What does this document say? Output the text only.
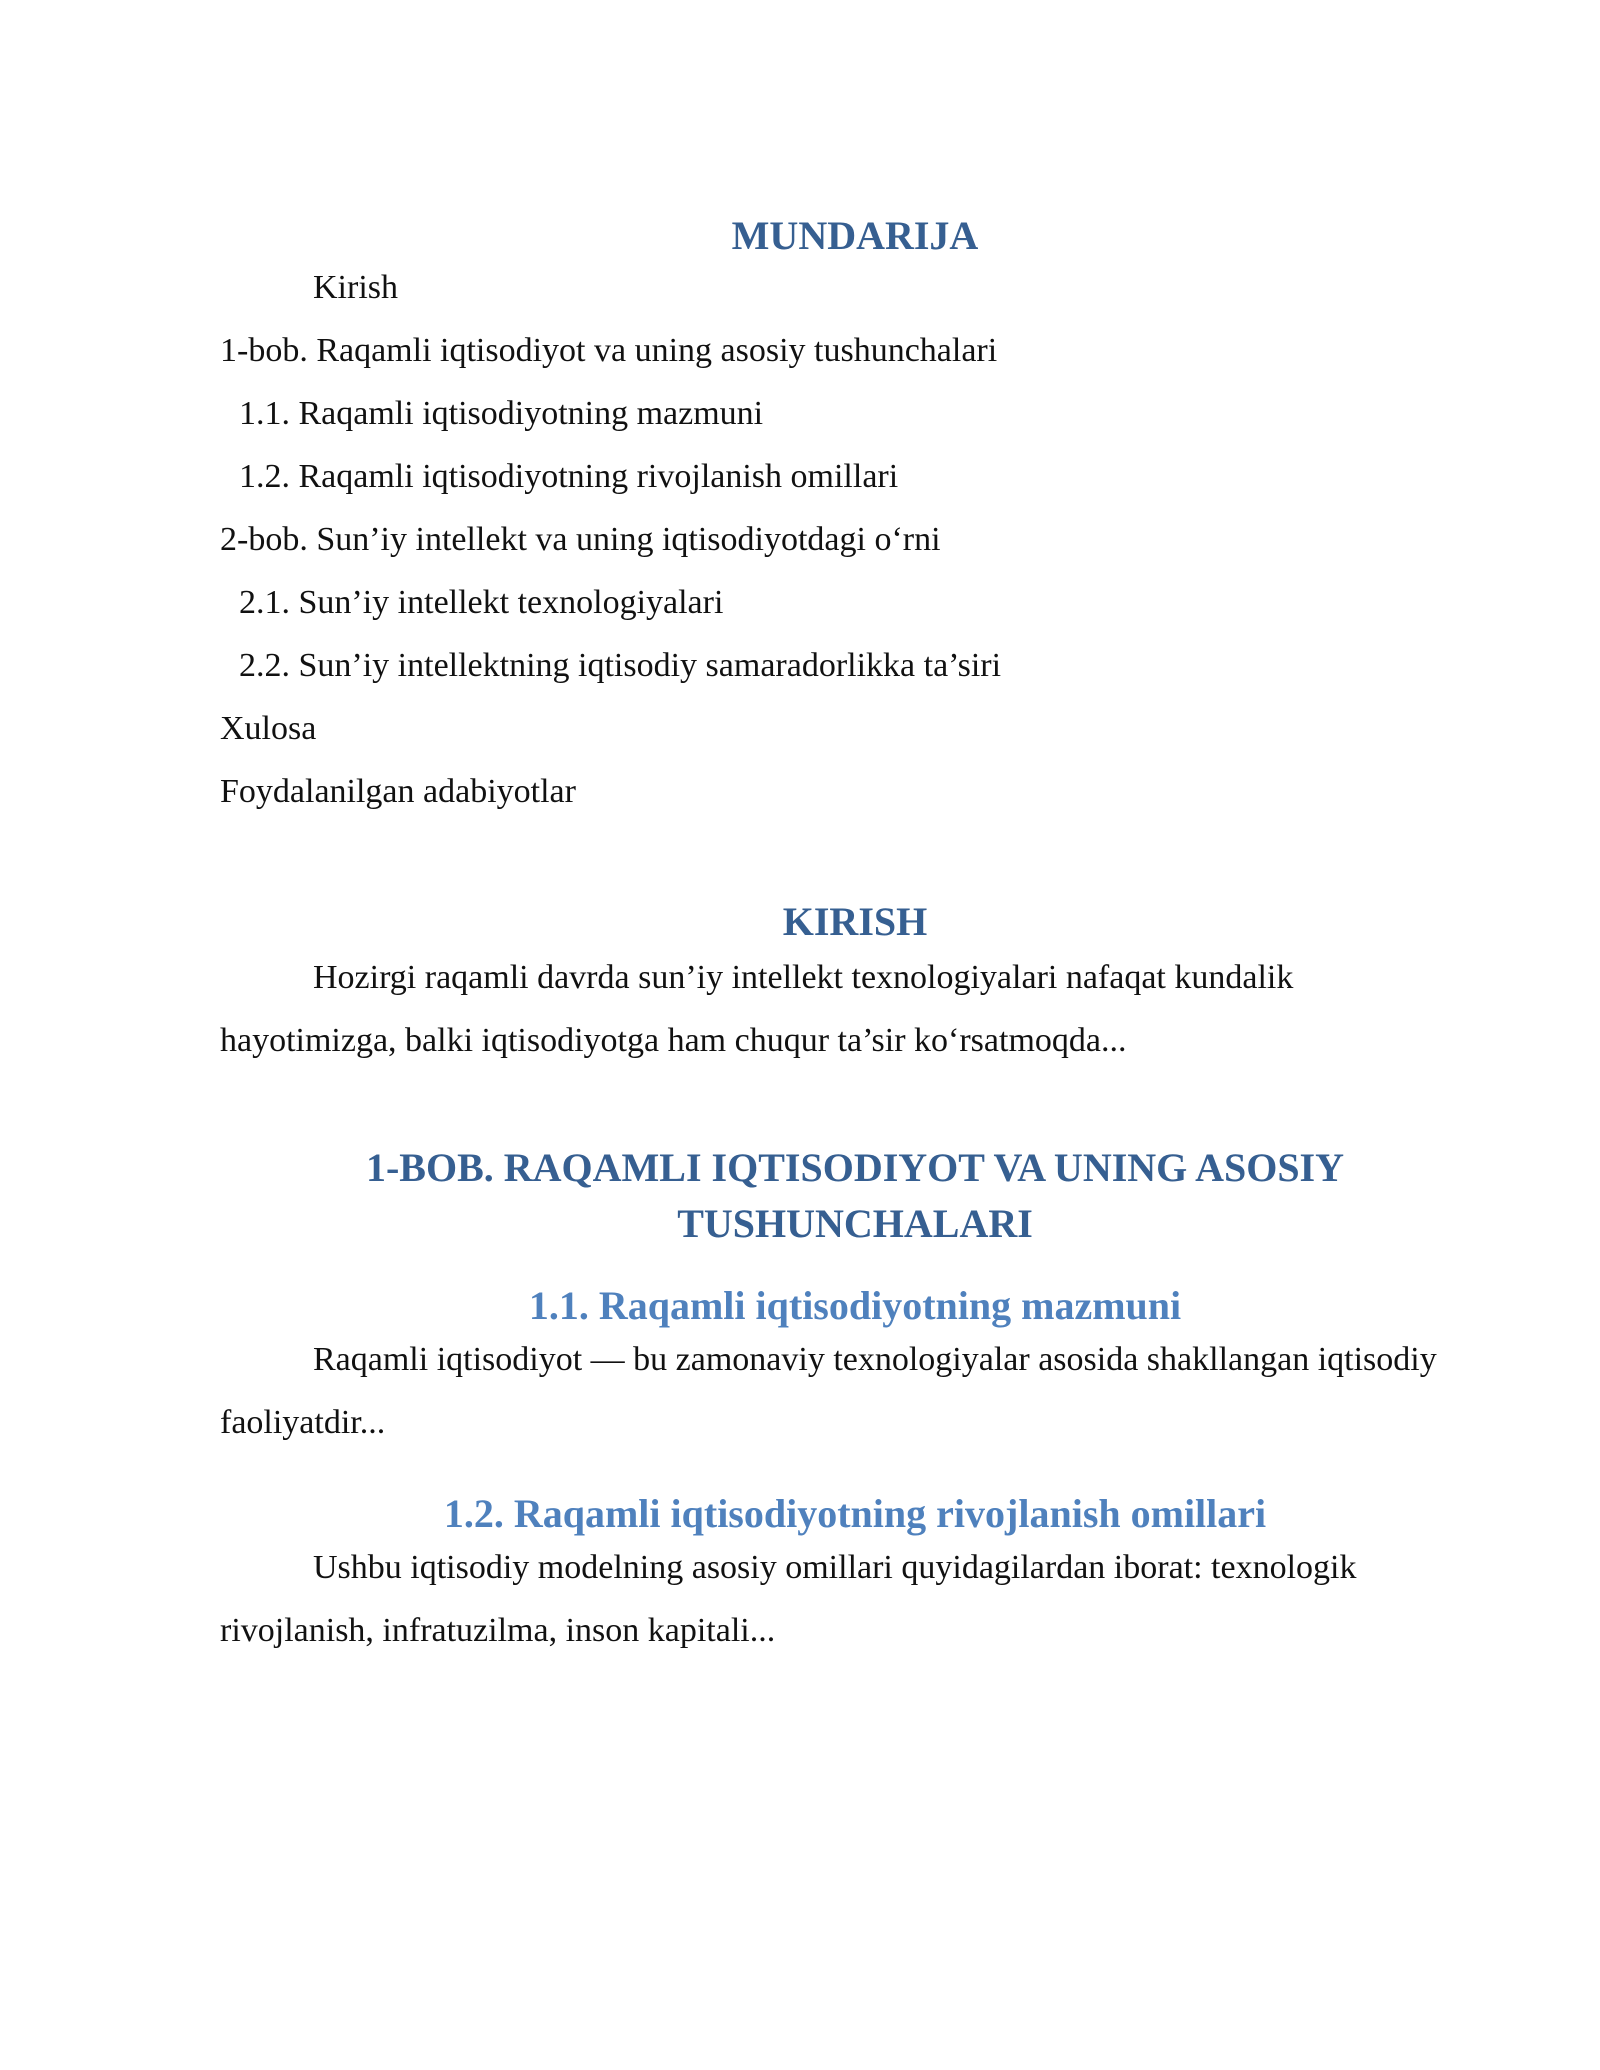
MUNDARIJA

Kirish

1-bob. Raqamli iqtisodiyot va uning asosiy tushunchalari

1.1. Raqamli iqtisodiyotning mazmuni

1.2. Raqamli iqtisodiyotning rivojlanish omillari

2-bob. Sun’iy intellekt va uning iqtisodiyotdagi o‘rni

2.1. Sun’iy intellekt texnologiyalari

2.2. Sun’iy intellektning iqtisodiy samaradorlikka ta’siri

Xulosa

Foydalanilgan adabiyotlar

KIRISH

Hozirgi raqamli davrda sun’iy intellekt texnologiyalari nafaqat kundalik hayotimizga, balki iqtisodiyotga ham chuqur ta’sir ko‘rsatmoqda...

1-BOB. RAQAMLI IQTISODIYOT VA UNING ASOSIY
TUSHUNCHALARI
1.1. Raqamli iqtisodiyotning mazmuni

Raqamli iqtisodiyot — bu zamonaviy texnologiyalar asosida shakllangan iqtisodiy faoliyatdir...

1.2. Raqamli iqtisodiyotning rivojlanish omillari

Ushbu iqtisodiy modelning asosiy omillari quyidagilardan iborat: texnologik rivojlanish, infratuzilma, inson kapitali...
